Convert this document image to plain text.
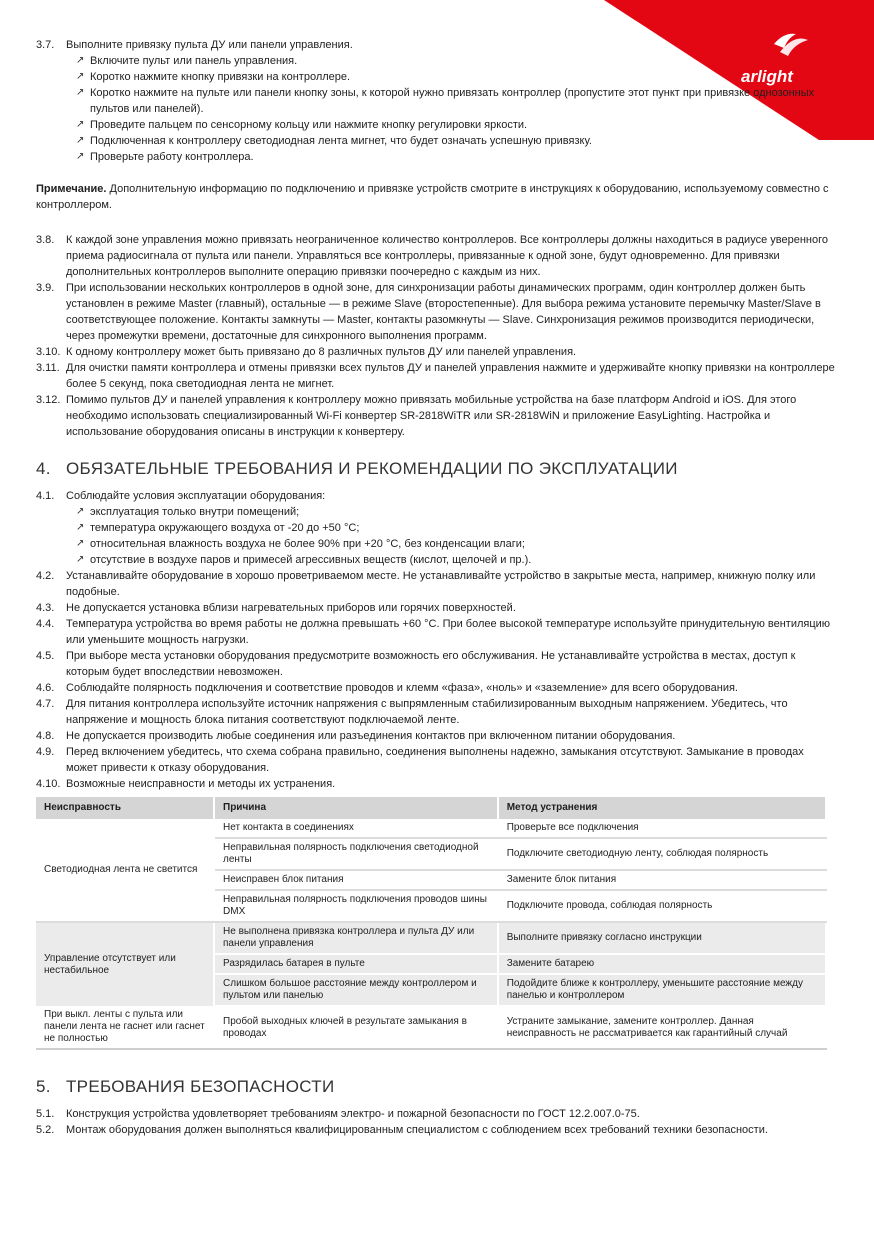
arlight
3.7. Выполните привязку пульта ДУ или панели управления.
↗ Включите пульт или панель управления.
↗ Коротко нажмите кнопку привязки на контроллере.
↗ Коротко нажмите на пульте или панели кнопку зоны, к которой нужно привязать контроллер (пропустите этот пункт при привязке однозонных пультов или панелей).
↗ Проведите пальцем по сенсорному кольцу или нажмите кнопку регулировки яркости.
↗ Подключенная к контроллеру светодиодная лента мигнет, что будет означать успешную привязку.
↗ Проверьте работу контроллера.
Примечание. Дополнительную информацию по подключению и привязке устройств смотрите в инструкциях к оборудованию, используемому совместно с контроллером.
3.8. К каждой зоне управления можно привязать неограниченное количество контроллеров. Все контроллеры должны находиться в радиусе уверенного приема радиосигнала от пульта или панели. Управляться все контроллеры, привязанные к одной зоне, будут одновременно. Для привязки дополнительных контроллеров выполните операцию привязки поочередно с каждым из них.
3.9. При использовании нескольких контроллеров в одной зоне, для синхронизации работы динамических программ, один контроллер должен быть установлен в режиме Master (главный), остальные — в режиме Slave (второстепенные). Для выбора режима установите перемычку Master/Slave в соответствующее положение. Контакты замкнуты — Master, контакты разомкнуты — Slave. Синхронизация режимов производится периодически, через промежутки времени, достаточные для синхронного выполнения программ.
3.10. К одному контроллеру может быть привязано до 8 различных пультов ДУ или панелей управления.
3.11. Для очистки памяти контроллера и отмены привязки всех пультов ДУ и панелей управления нажмите и удерживайте кнопку привязки на контроллере более 5 секунд, пока светодиодная лента не мигнет.
3.12. Помимо пультов ДУ и панелей управления к контроллеру можно привязать мобильные устройства на базе платформ Android и iOS. Для этого необходимо использовать специализированный Wi-Fi конвертер SR-2818WiTR или SR-2818WiN и приложение EasyLighting. Настройка и использование оборудования описаны в инструкции к конвертеру.
4. ОБЯЗАТЕЛЬНЫЕ ТРЕБОВАНИЯ И РЕКОМЕНДАЦИИ ПО ЭКСПЛУАТАЦИИ
4.1. Соблюдайте условия эксплуатации оборудования:
↗ эксплуатация только внутри помещений;
↗ температура окружающего воздуха от -20 до +50 °C;
↗ относительная влажность воздуха не более 90% при +20 °C, без конденсации влаги;
↗ отсутствие в воздухе паров и примесей агрессивных веществ (кислот, щелочей и пр.).
4.2. Устанавливайте оборудование в хорошо проветриваемом месте. Не устанавливайте устройство в закрытые места, например, книжную полку или подобные.
4.3. Не допускается установка вблизи нагревательных приборов или горячих поверхностей.
4.4. Температура устройства во время работы не должна превышать +60 °C. При более высокой температуре используйте принудительную вентиляцию или уменьшите мощность нагрузки.
4.5. При выборе места установки оборудования предусмотрите возможность его обслуживания. Не устанавливайте устройства в местах, доступ к которым будет впоследствии невозможен.
4.6. Соблюдайте полярность подключения и соответствие проводов и клемм «фаза», «ноль» и «заземление» для всего оборудования.
4.7. Для питания контроллера используйте источник напряжения с выпрямленным стабилизированным выходным напряжением. Убедитесь, что напряжение и мощность блока питания соответствуют подключаемой ленте.
4.8. Не допускается производить любые соединения или разъединения контактов при включенном питании оборудования.
4.9. Перед включением убедитесь, что схема собрана правильно, соединения выполнены надежно, замыкания отсутствуют. Замыкание в проводах может привести к отказу оборудования.
4.10. Возможные неисправности и методы их устранения.
Неисправность	Причина	Метод устранения
Светодиодная лента не светится	Нет контакта в соединениях	Проверьте все подключения
	Неправильная полярность подключения светодиодной ленты	Подключите светодиодную ленту, соблюдая полярность
	Неисправен блок питания	Замените блок питания
	Неправильная полярность подключения проводов шины DMX	Подключите провода, соблюдая полярность
Управление отсутствует или нестабильное	Не выполнена привязка контроллера и пульта ДУ или панели управления	Выполните привязку согласно инструкции
	Разрядилась батарея в пульте	Замените батарею
	Слишком большое расстояние между контроллером и пультом или панелью	Подойдите ближе к контроллеру, уменьшите расстояние между панелью и контроллером
При выкл. ленты с пульта или панели лента не гаснет или гаснет не полностью	Пробой выходных ключей в результате замыкания в проводах	Устраните замыкание, замените контроллер. Данная неисправность не рассматривается как гарантийный случай
5. ТРЕБОВАНИЯ БЕЗОПАСНОСТИ
5.1. Конструкция устройства удовлетворяет требованиям электро- и пожарной безопасности по ГОСТ 12.2.007.0-75.
5.2. Монтаж оборудования должен выполняться квалифицированным специалистом с соблюдением всех требований техники безопасности.
